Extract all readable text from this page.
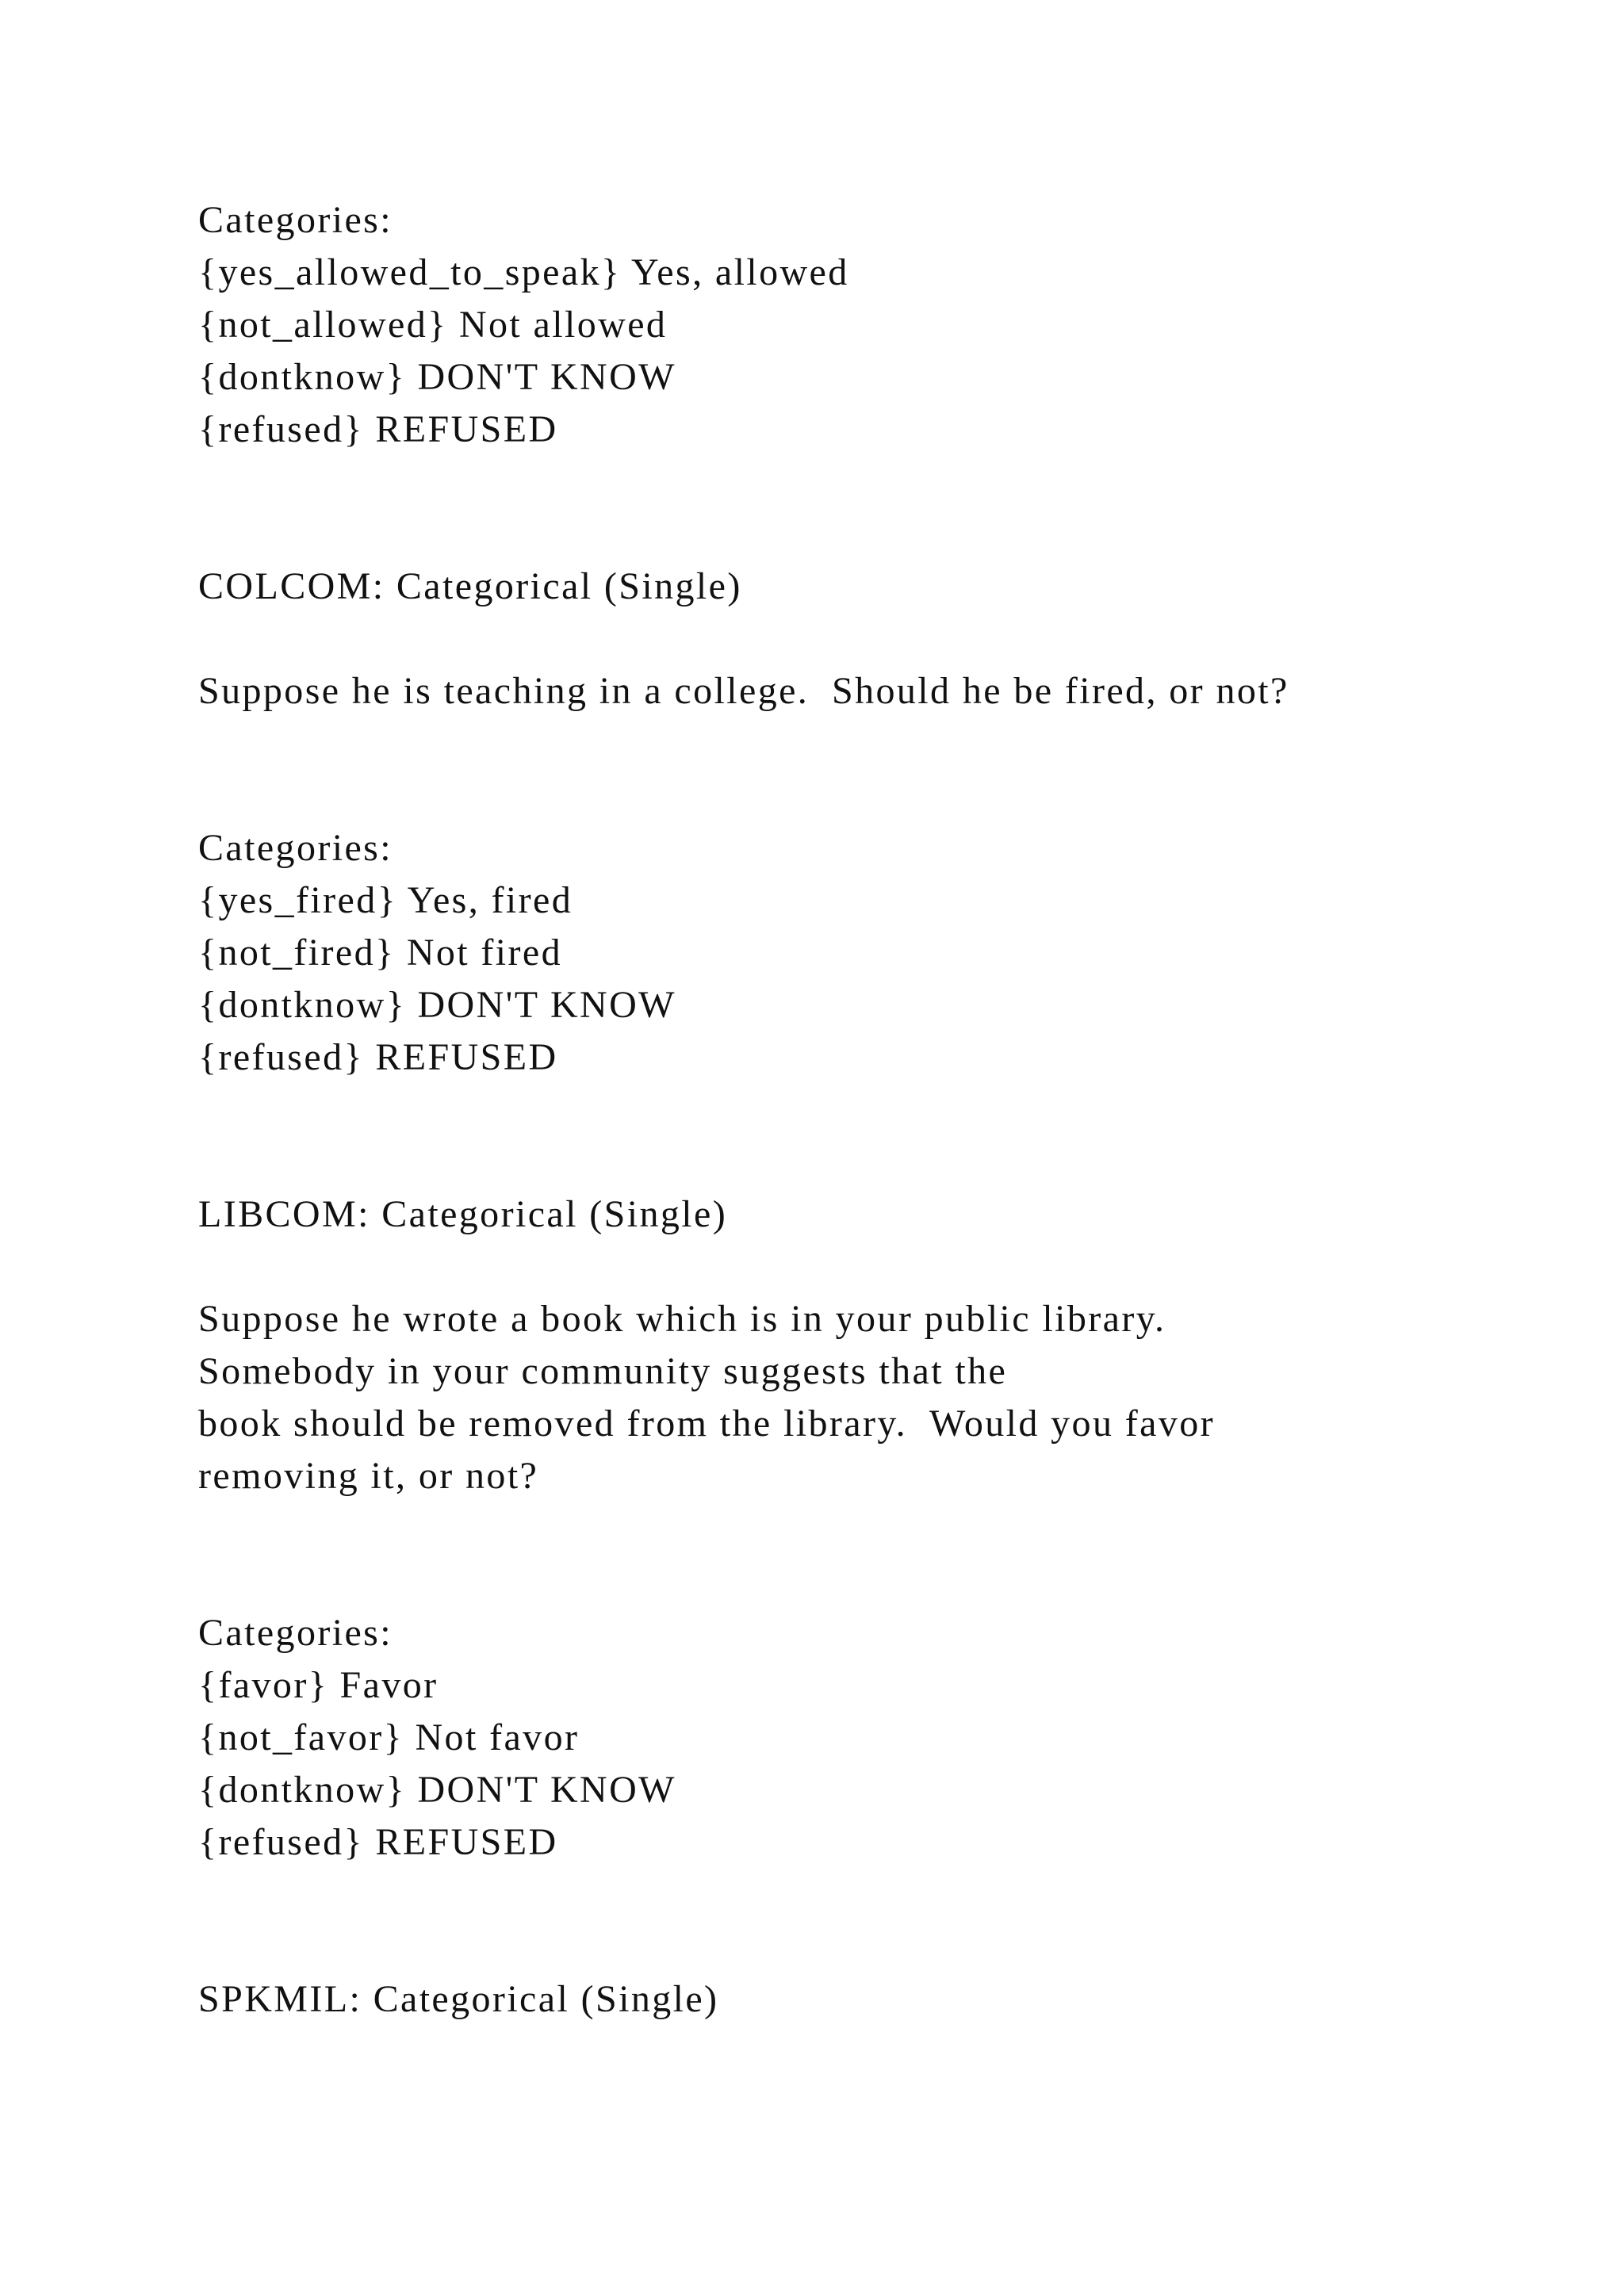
Categories:

{yes_allowed_to_speak} Yes, allowed

{not_allowed} Not allowed

{dontknow} DON'T KNOW

{refused} REFUSED

COLCOM: Categorical (Single)

Suppose he is teaching in a college.  Should he be fired, or not?

Categories:

{yes_fired} Yes, fired

{not_fired} Not fired

{dontknow} DON'T KNOW

{refused} REFUSED

LIBCOM: Categorical (Single)

Suppose he wrote a book which is in your public library.

Somebody in your community suggests that the

book should be removed from the library.  Would you favor

removing it, or not?

Categories:

{favor} Favor

{not_favor} Not favor

{dontknow} DON'T KNOW

{refused} REFUSED

SPKMIL: Categorical (Single)
